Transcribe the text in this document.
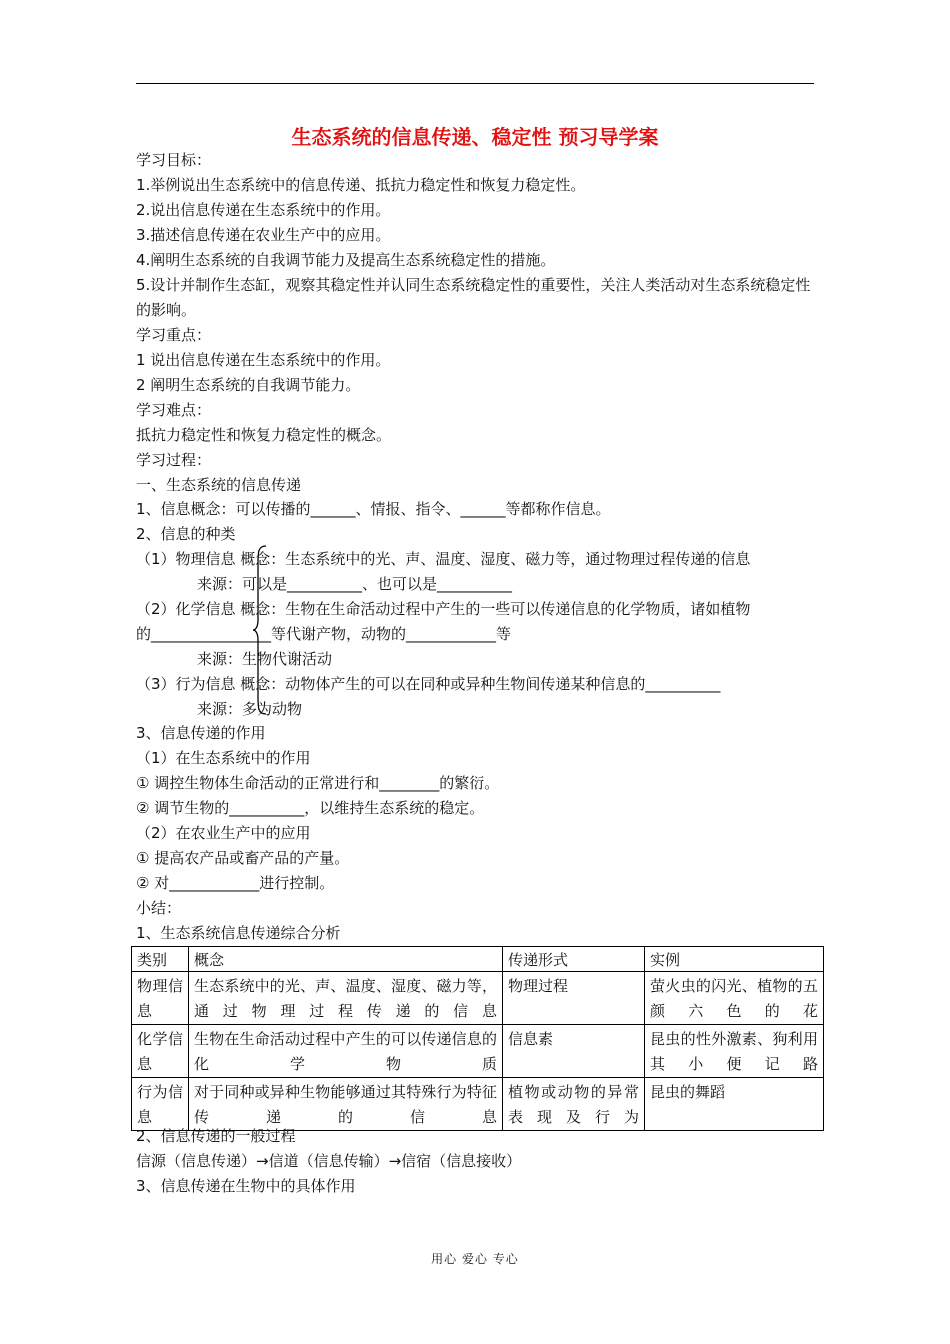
生态系统的信息传递、稳定性 预习导学案
学习目标：
1.举例说出生态系统中的信息传递、抵抗力稳定性和恢复力稳定性。
2.说出信息传递在生态系统中的作用。
3.描述信息传递在农业生产中的应用。
4.阐明生态系统的自我调节能力及提高生态系统稳定性的措施。
5.设计并制作生态缸，观察其稳定性并认同生态系统稳定性的重要性，关注人类活动对生态系统稳定性的影响。
学习重点：
1 说出信息传递在生态系统中的作用。
2 阐明生态系统的自我调节能力。
学习难点：
抵抗力稳定性和恢复力稳定性的概念。
学习过程：
一、生态系统的信息传递
1、信息概念：可以传播的______、情报、指令、______等都称作信息。
2、信息的种类
（1）物理信息 概念：生态系统中的光、声、温度、湿度、磁力等，通过物理过程传递的信息
来源：可以是__________、也可以是__________
（2）化学信息 概念：生物在生命活动过程中产生的一些可以传递信息的化学物质，诸如植物
的________________等代谢产物，动物的____________等
来源：生物代谢活动
（3）行为信息 概念：动物体产生的可以在同种或异种生物间传递某种信息的__________
来源：多为动物
3、信息传递的作用
（1）在生态系统中的作用
① 调控生物体生命活动的正常进行和________的繁衍。
② 调节生物的__________，以维持生态系统的稳定。
（2）在农业生产中的应用
① 提高农产品或畜产品的产量。
② 对____________进行控制。
小结：
1、生态系统信息传递综合分析
类别	概念	传递形式	实例
物理信息	生态系统中的光、声、温度、湿度、磁力等，通过物理过程传递的信息	物理过程	萤火虫的闪光、植物的五颜六色的花
化学信息	生物在生命活动过程中产生的可以传递信息的化学物质	信息素	昆虫的性外激素、狗利用其小便记路
行为信息	对于同种或异种生物能够通过其特殊行为特征传递的信息	植物或动物的异常表现及行为	昆虫的舞蹈
2、信息传递的一般过程
信源（信息传递）→信道（信息传输）→信宿（信息接收）
3、信息传递在生物中的具体作用
用心 爱心 专心
